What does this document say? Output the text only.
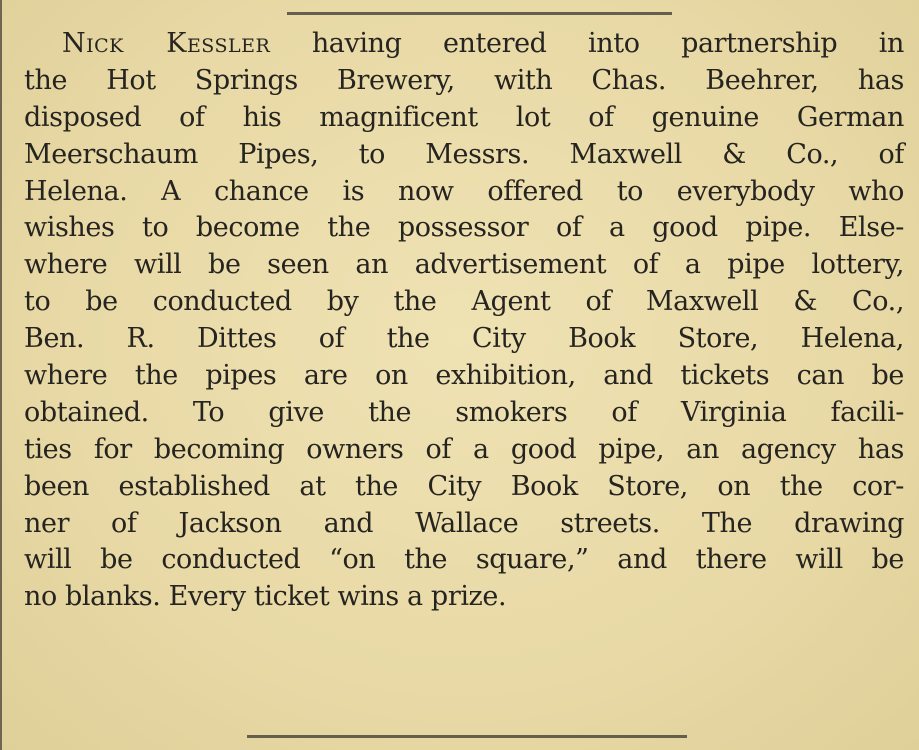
Nick Kessler having entered into partnership in
the Hot Springs Brewery, with Chas. Beehrer, has
disposed of his magnificent lot of genuine German
Meerschaum Pipes, to Messrs. Maxwell & Co., of
Helena. A chance is now offered to everybody who
wishes to become the possessor of a good pipe. Else-
where will be seen an advertisement of a pipe lottery,
to be conducted by the Agent of Maxwell & Co.,
Ben. R. Dittes of the City Book Store, Helena,
where the pipes are on exhibition, and tickets can be
obtained. To give the smokers of Virginia facili-
ties for becoming owners of a good pipe, an agency has
been established at the City Book Store, on the cor-
ner of Jackson and Wallace streets. The drawing
will be conducted “on the square,” and there will be
no blanks. Every ticket wins a prize.
